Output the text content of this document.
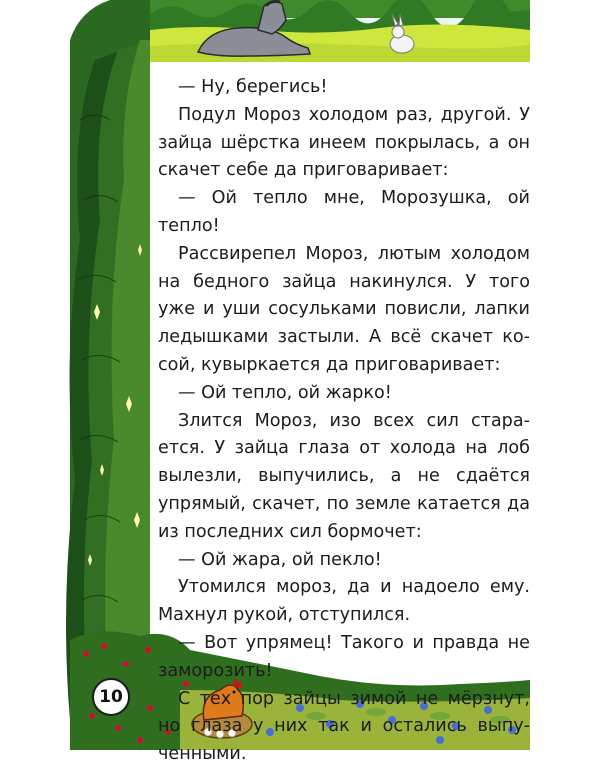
— Ну, берегись!

Подул Мороз холодом раз, другой. У зайца шёрстка инеем покрылась, а он скачет себе да приговаривает:

— Ой тепло мне, Морозушка, ой тепло!

Рассвирепел Мороз, лютым холодом на бедного зайца накинулся. У того уже и уши сосульками повисли, лапки ледышками застыли. А всё скачет косой, кувыркается да приговаривает:

— Ой тепло, ой жарко!

Злится Мороз, изо всех сил старается. У зайца глаза от холода на лоб вылезли, выпучились, а не сдаётся упрямый, скачет, по земле катается да из последних сил бормочет:

— Ой жара, ой пекло!

Утомился мороз, да и надоело ему. Махнул рукой, отступился.

— Вот упрямец! Такого и правда не заморозить!

С тех пор зайцы зимой не мёрзнут, но глаза у них так и остались выпученными.

10
